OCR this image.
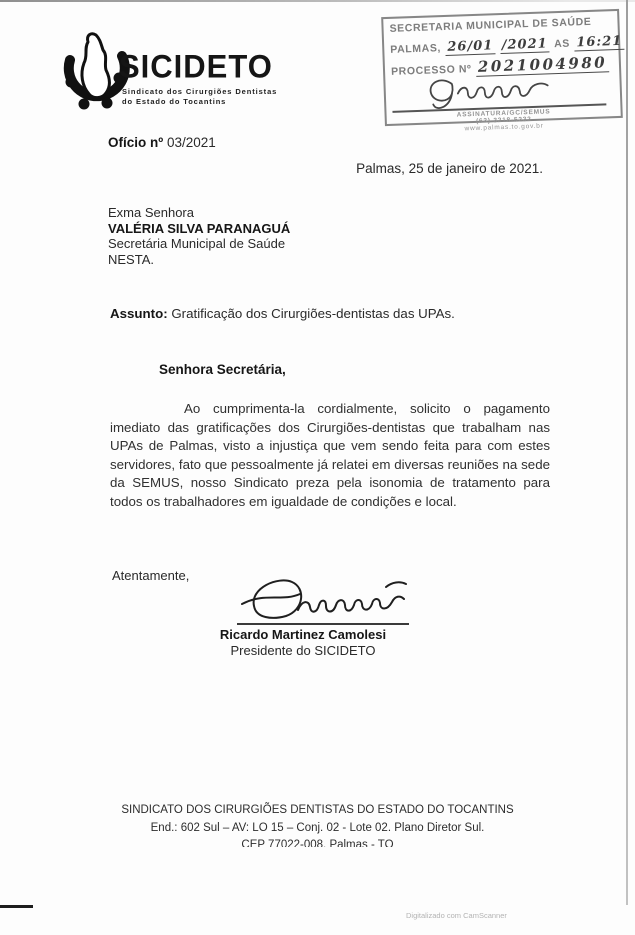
SICIDETO
Sindicato dos Cirurgiões Dentistas
do Estado do Tocantins
SECRETARIA MUNICIPAL DE SAÚDE
PALMAS, 26/01 /2021 AS 16:21
PROCESSO Nº 2021004980
ASSINATURA/GC/SEMUS
(63) 3218-5232
www.palmas.to.gov.br
Ofício nº 03/2021
Palmas, 25 de janeiro de 2021.
Exma Senhora
VALÉRIA SILVA PARANAGUÁ
Secretária Municipal de Saúde
NESTA.
Assunto: Gratificação dos Cirurgiões-dentistas das UPAs.
Senhora Secretária,
Ao cumprimenta-la cordialmente, solicito o pagamento imediato das gratificações dos Cirurgiões-dentistas que trabalham nas UPAs de Palmas, visto a injustiça que vem sendo feita para com estes servidores, fato que pessoalmente já relatei em diversas reuniões na sede da SEMUS, nosso Sindicato preza pela isonomia de tratamento para todos os trabalhadores em igualdade de condições e local.
Atentamente,
Ricardo Martinez Camolesi
Presidente do SICIDETO
SINDICATO DOS CIRURGIÕES DENTISTAS DO ESTADO DO TOCANTINS
End.: 602 Sul – AV: LO 15 – Conj. 02 - Lote 02. Plano Diretor Sul.
CEP 77022-008. Palmas - TO
Digitalizado com CamScanner
